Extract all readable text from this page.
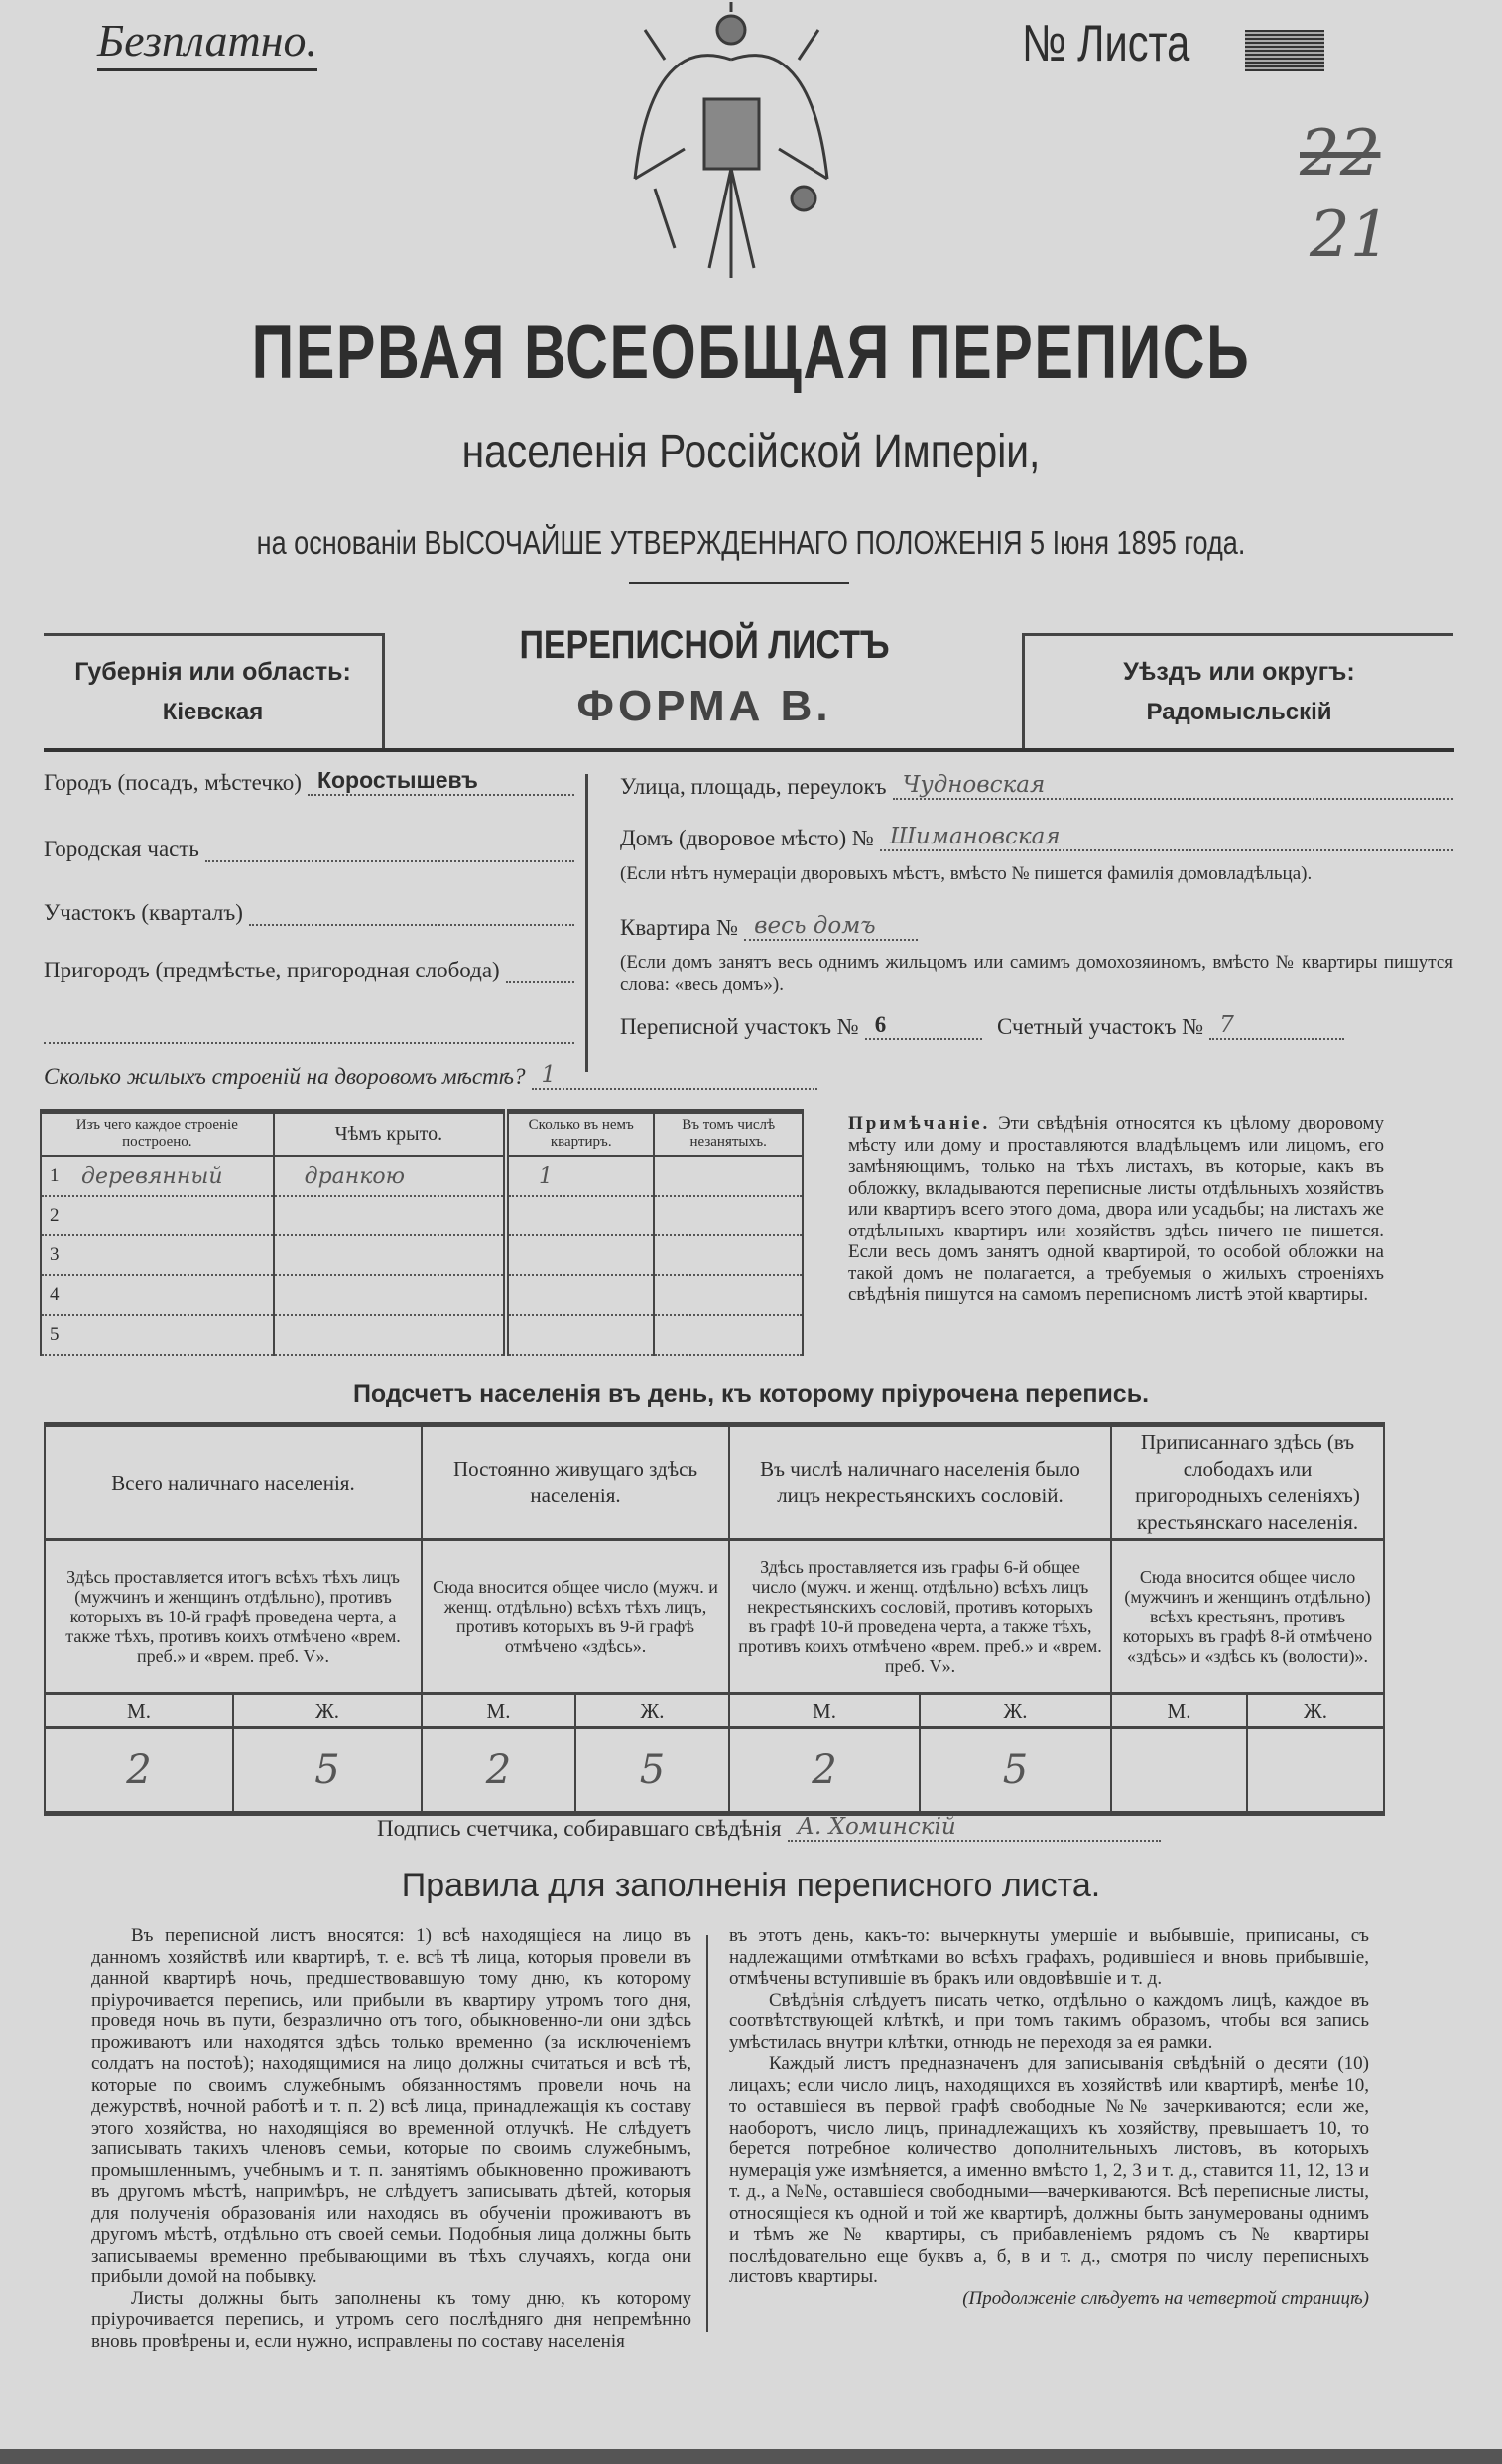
Безплатно.	№ Листа
22
21
ПЕРВАЯ ВСЕОБЩАЯ ПЕРЕПИСЬ
населенія Россійской Имперіи,
на основаніи ВЫСОЧАЙШЕ УТВЕРЖДЕННАГО ПОЛОЖЕНІЯ 5 Іюня 1895 года.
Губернія или область:
Кіевская
ПЕРЕПИСНОЙ ЛИСТЪ
ФОРМА В.
Уѣздъ или округъ:
Радомысльскій
Городъ (посадъ, мѣстечко) Коростышевъ
Городская часть
Участокъ (кварталъ)
Пригородъ (предмѣстье, пригородная слобода)
Улица, площадь, переулокъ Чудновская
Домъ (дворовое мѣсто) № Шимановская
(Если нѣтъ нумераціи дворовыхъ мѣстъ, вмѣсто № пишется фамилія домовладѣльца).
Квартира № весь домъ
(Если домъ занятъ весь однимъ жильцомъ или самимъ домохозяиномъ, вмѣсто № квартиры пишутся слова: «весь домъ»).
Переписной участокъ № 6	Счетный участокъ № 7
Сколько жилыхъ строеній на дворовомъ мѣстѣ? 1
Изъ чего каждое строеніе построено.	Чѣмъ крыто.	Сколько въ немъ квартиръ.	Въ томъ числѣ незанятыхъ.

1 деревянный	дранкою	1	

2			

3			

4			

5			

Примѣчаніе. Эти свѣдѣнія относятся къ цѣлому дворовому мѣсту или дому и проставляются владѣльцемъ или лицомъ, его замѣняющимъ, только на тѣхъ листахъ, въ которые, какъ въ обложку, вкладываются переписные листы отдѣльныхъ хозяйствъ или квартиръ всего этого дома, двора или усадьбы; на листахъ же отдѣльныхъ квартиръ или хозяйствъ здѣсь ничего не пишется. Если весь домъ занятъ одной квартирой, то особой обложки на такой домъ не полагается, а требуемыя о жилыхъ строеніяхъ свѣдѣнія пишутся на самомъ переписномъ листѣ этой квартиры.
Подсчетъ населенія въ день, къ которому пріурочена перепись.
Всего наличнаго населенія.		Постоянно живущаго здѣсь населенія.		Въ числѣ наличнаго населенія было лицъ некрестьянскихъ сословій.		Приписаннаго здѣсь (въ слободахъ или пригородныхъ селеніяхъ) крестьянскаго населенія.	
Здѣсь проставляется итогъ всѣхъ тѣхъ лицъ (мужчинъ и женщинъ отдѣльно), противъ которыхъ въ 10-й графѣ проведена черта, а также тѣхъ, противъ коихъ отмѣчено «врем. преб.» и «врем. преб. V».		Сюда вносится общее число (мужч. и женщ. отдѣльно) всѣхъ тѣхъ лицъ, противъ которыхъ въ 9-й графѣ отмѣчено «здѣсь».		Здѣсь проставляется изъ графы 6-й общее число (мужч. и женщ. отдѣльно) всѣхъ лицъ некрестьянскихъ сословій, противъ которыхъ въ графѣ 10-й проведена черта, а также тѣхъ, противъ коихъ отмѣчено «врем. преб.» и «врем. преб. V».		Сюда вносится общее число (мужчинъ и женщинъ отдѣльно) всѣхъ крестьянъ, противъ которыхъ въ графѣ 8-й отмѣчено «здѣсь» и «здѣсь къ (волости)».	
М.	Ж.	М.	Ж.	М.	Ж.	М.	Ж.
2	5	2	5	2	5		
Подпись счетчика, собиравшаго свѣдѣнія А. Хоминскій
Правила для заполненія переписного листа.

Въ переписной листъ вносятся: 1) всѣ находящіеся на лицо въ данномъ хозяйствѣ или квартирѣ, т. е. всѣ тѣ лица, которыя провели въ данной квартирѣ ночь, предшествовавшую тому дню, къ которому пріурочивается перепись, или прибыли въ квартиру утромъ того дня, проведя ночь въ пути, безразлично отъ того, обыкновенно-ли они здѣсь проживаютъ или находятся здѣсь только временно (за исключеніемъ солдатъ на постоѣ); находящимися на лицо должны считаться и всѣ тѣ, которые по своимъ служебнымъ обязанностямъ провели ночь на дежурствѣ, ночной работѣ и т. п. 2) всѣ лица, принадлежащія къ составу этого хозяйства, но находящіяся во временной отлучкѣ. Не слѣдуетъ записывать такихъ членовъ семьи, которые по своимъ служебнымъ, промышленнымъ, учебнымъ и т. п. занятіямъ обыкновенно проживаютъ въ другомъ мѣстѣ, напримѣръ, не слѣдуетъ записывать дѣтей, которыя для полученія образованія или находясь въ обученіи проживаютъ въ другомъ мѣстѣ, отдѣльно отъ своей семьи. Подобныя лица должны быть записываемы временно пребывающими въ тѣхъ случаяхъ, когда они прибыли домой на побывку.

Листы должны быть заполнены къ тому дню, къ которому пріурочивается перепись, и утромъ сего послѣдняго дня непремѣнно вновь провѣрены и, если нужно, исправлены по составу населенія

въ этотъ день, какъ-то: вычеркнуты умершіе и выбывшіе, приписаны, съ надлежащими отмѣтками во всѣхъ графахъ, родившіеся и вновь прибывшіе, отмѣчены вступившіе въ бракъ или овдовѣвшіе и т. д.

Свѣдѣнія слѣдуетъ писать четко, отдѣльно о каждомъ лицѣ, каждое въ соотвѣтствующей клѣткѣ, и при томъ такимъ образомъ, чтобы вся запись умѣстилась внутри клѣтки, отнюдь не переходя за ея рамки.

Каждый листъ предназначенъ для записыванія свѣдѣній о десяти (10) лицахъ; если число лицъ, находящихся въ хозяйствѣ или квартирѣ, менѣе 10, то оставшіеся въ первой графѣ свободные №№ зачеркиваются; если же, наоборотъ, число лицъ, принадлежащихъ къ хозяйству, превышаетъ 10, то берется потребное количество дополнительныхъ листовъ, въ которыхъ нумерація уже измѣняется, а именно вмѣсто 1, 2, 3 и т. д., ставится 11, 12, 13 и т. д., а №№, оставшіеся свободными—вачеркиваются. Всѣ переписные листы, относящіеся къ одной и той же квартирѣ, должны быть занумерованы однимъ и тѣмъ же № квартиры, съ прибавленіемъ рядомъ съ № квартиры послѣдовательно еще буквъ а, б, в и т. д., смотря по числу переписныхъ листовъ квартиры.

(Продолженіе слѣдуетъ на четвертой страницѣ)
